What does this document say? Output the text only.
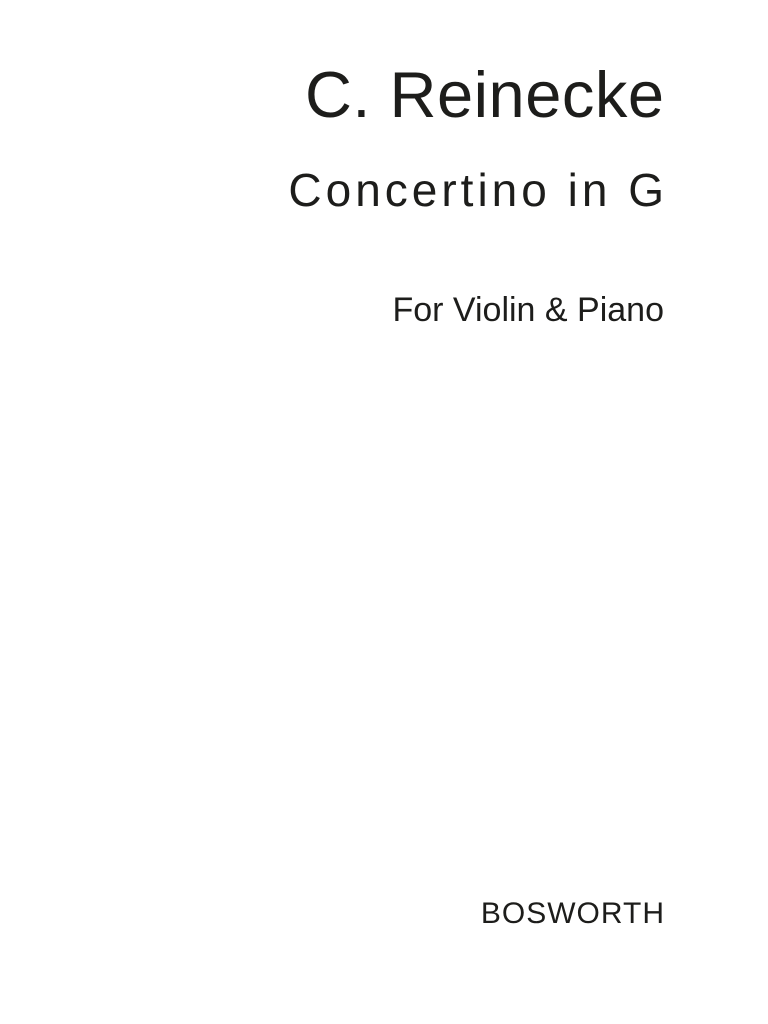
C. Reinecke
Concertino in G
For Violin & Piano
BOSWORTH
